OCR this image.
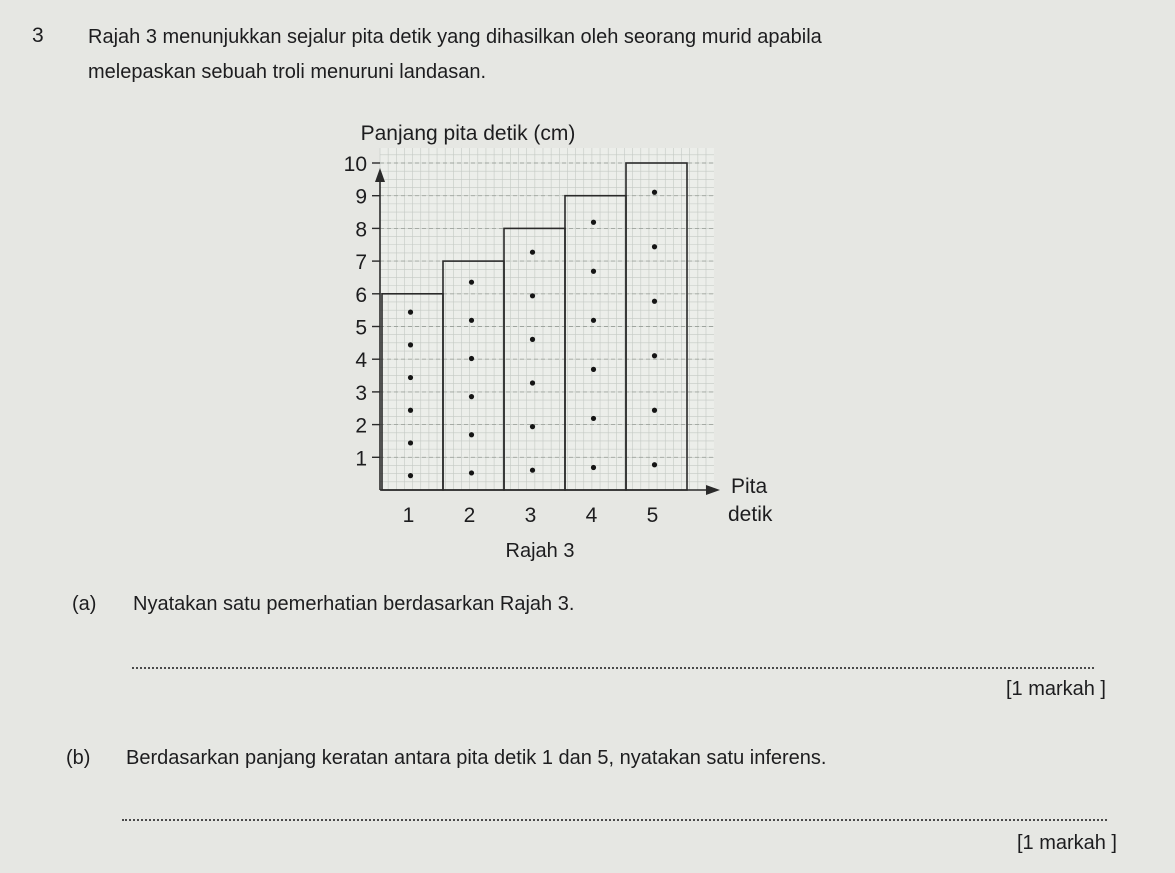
3 Rajah 3 menunjukkan sejalur pita detik yang dihasilkan oleh seorang murid apabila
melepaskan sebuah troli menuruni landasan.
1 2 3 4 5
1
2
3
4
5
6
7
8
9
10
Panjang pita detik (cm)
Pita
detik
Rajah 3
(a) Nyatakan satu pemerhatian berdasarkan Rajah 3.
[1 markah ]
(b) Berdasarkan panjang keratan antara pita detik 1 dan 5, nyatakan satu inferens.
[1 markah ]
